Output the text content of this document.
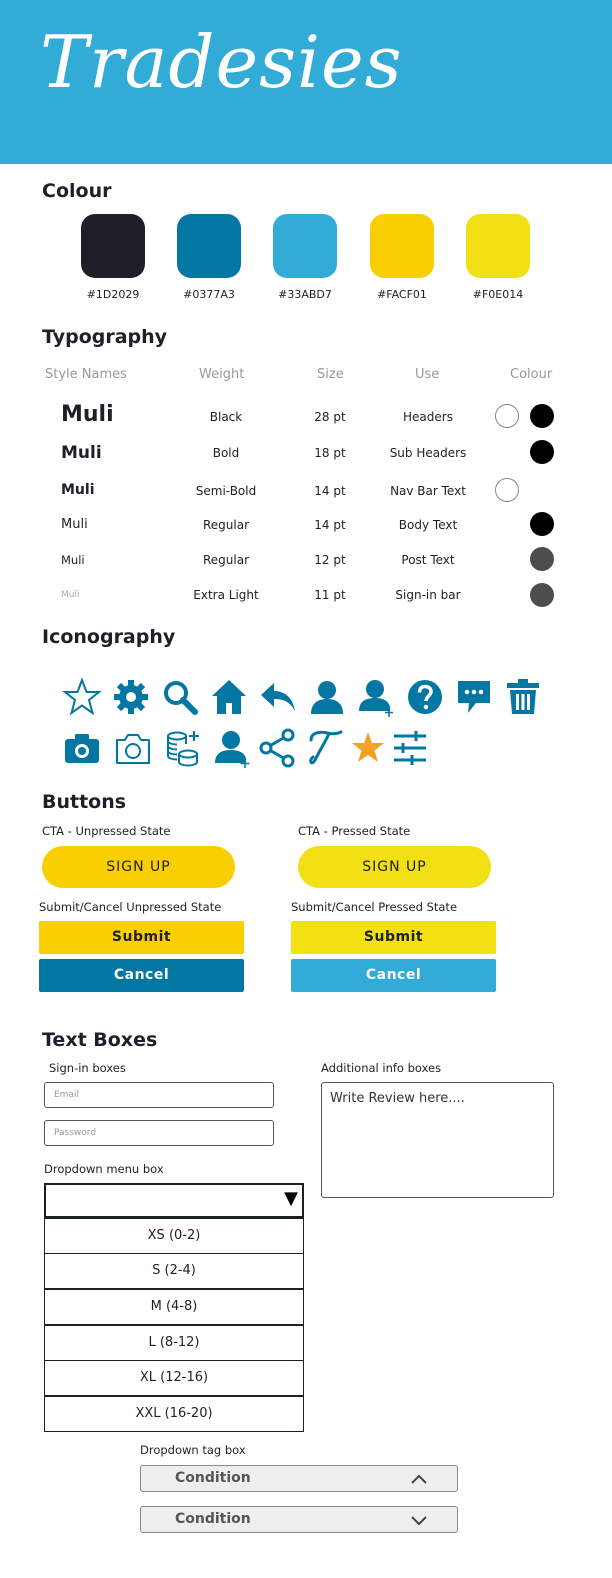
Tradesies
Colour
#1D2029	#0377A3	#33ABD7	#FACF01	#F0E014
Typography
Style Names	Weight	Size	Use	Colour
Muli	Black	28 pt	Headers
Muli	Bold	18 pt	Sub Headers
Muli	Semi-Bold	14 pt	Nav Bar Text
Muli	Regular	14 pt	Body Text
Muli	Regular	12 pt	Post Text
Muli	Extra Light	11 pt	Sign-in bar
Iconography
Buttons
CTA - Unpressed State	CTA - Pressed State
SIGN UP	SIGN UP
Submit/Cancel Unpressed State	Submit/Cancel Pressed State
Submit	Submit
Cancel	Cancel
Text Boxes
Sign-in boxes	Additional info boxes
Email
Password
Write Review here....
Dropdown menu box
▼
XS (0-2)
S (2-4)
M (4-8)
L (8-12)
XL (12-16)
XXL (16-20)
Dropdown tag box
Condition
Condition
